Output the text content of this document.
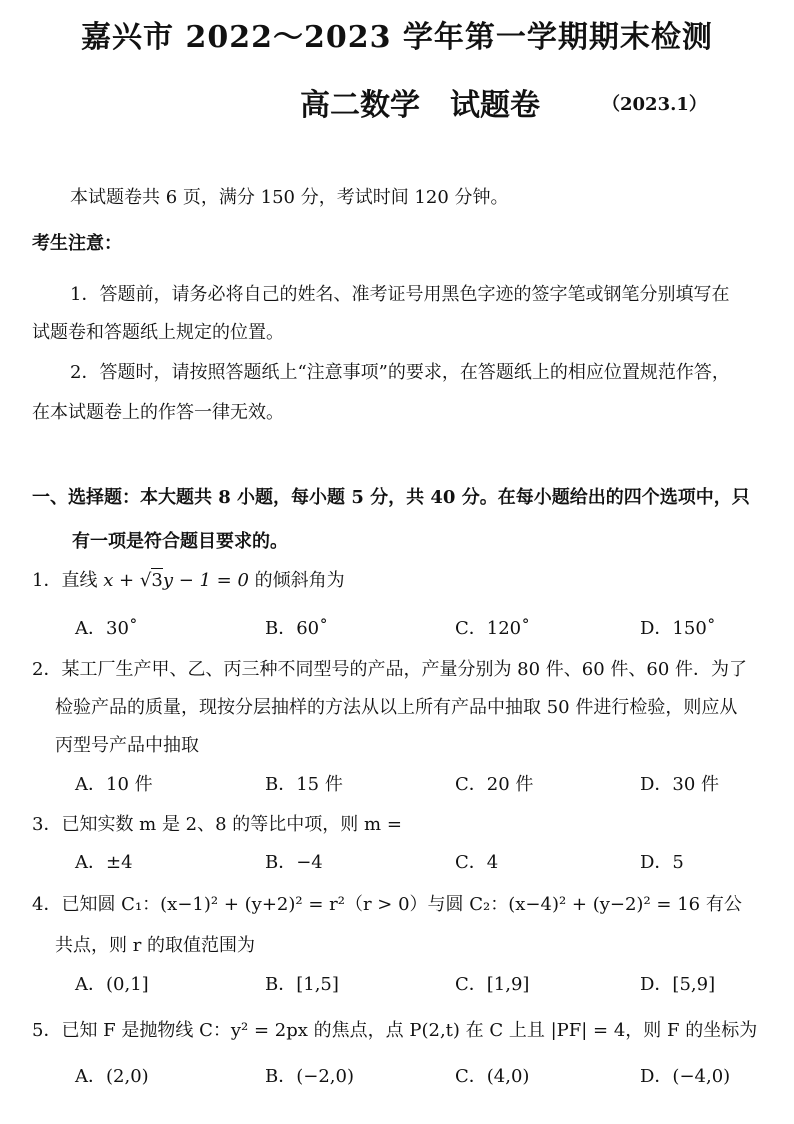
嘉兴市 2022～2023 学年第一学期期末检测
高二数学　试题卷	（2023.1）
本试题卷共 6 页，满分 150 分，考试时间 120 分钟。
考生注意：
1．答题前，请务必将自己的姓名、准考证号用黑色字迹的签字笔或钢笔分别填写在
试题卷和答题纸上规定的位置。
2．答题时，请按照答题纸上“注意事项”的要求，在答题纸上的相应位置规范作答，
在本试题卷上的作答一律无效。
一、选择题：本大题共 8 小题，每小题 5 分，共 40 分。在每小题给出的四个选项中，只
有一项是符合题目要求的。
1．直线 x + √3y − 1 = 0 的倾斜角为
A．30˚	B．60˚	C．120˚	D．150˚
2．某工厂生产甲、乙、丙三种不同型号的产品，产量分别为 80 件、60 件、60 件．为了
检验产品的质量，现按分层抽样的方法从以上所有产品中抽取 50 件进行检验，则应从
丙型号产品中抽取
A．10 件	B．15 件	C．20 件	D．30 件
3．已知实数 m 是 2、8 的等比中项，则 m =
A．±4	B．−4	C．4	D．5
4．已知圆 C₁：(x−1)² + (y+2)² = r²（r > 0）与圆 C₂：(x−4)² + (y−2)² = 16 有公
共点，则 r 的取值范围为
A．(0,1]	B．[1,5]	C．[1,9]	D．[5,9]
5．已知 F 是抛物线 C：y² = 2px 的焦点，点 P(2,t) 在 C 上且 |PF| = 4，则 F 的坐标为
A．(2,0)	B．(−2,0)	C．(4,0)	D．(−4,0)
